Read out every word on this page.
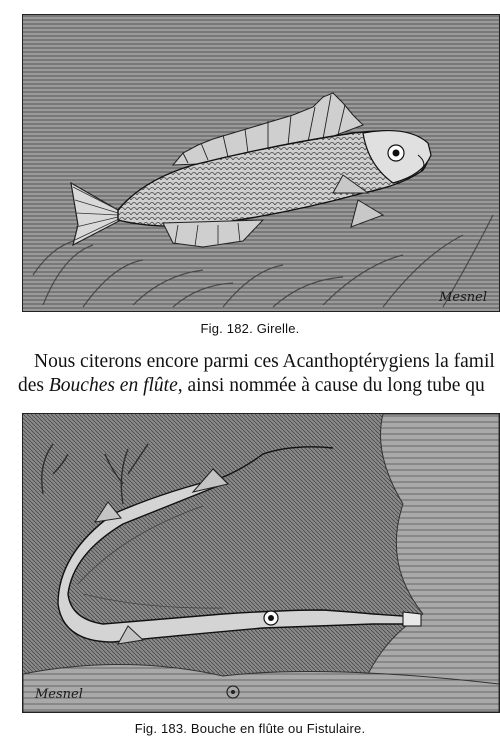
Mesnel
Fig. 182. Girelle.
Nous citerons encore parmi ces Acanthoptérygiens la famil
des Bouches en flûte, ainsi nommée à cause du long tube qu
Mesnel
Fig. 183. Bouche en flûte ou Fistulaire.
